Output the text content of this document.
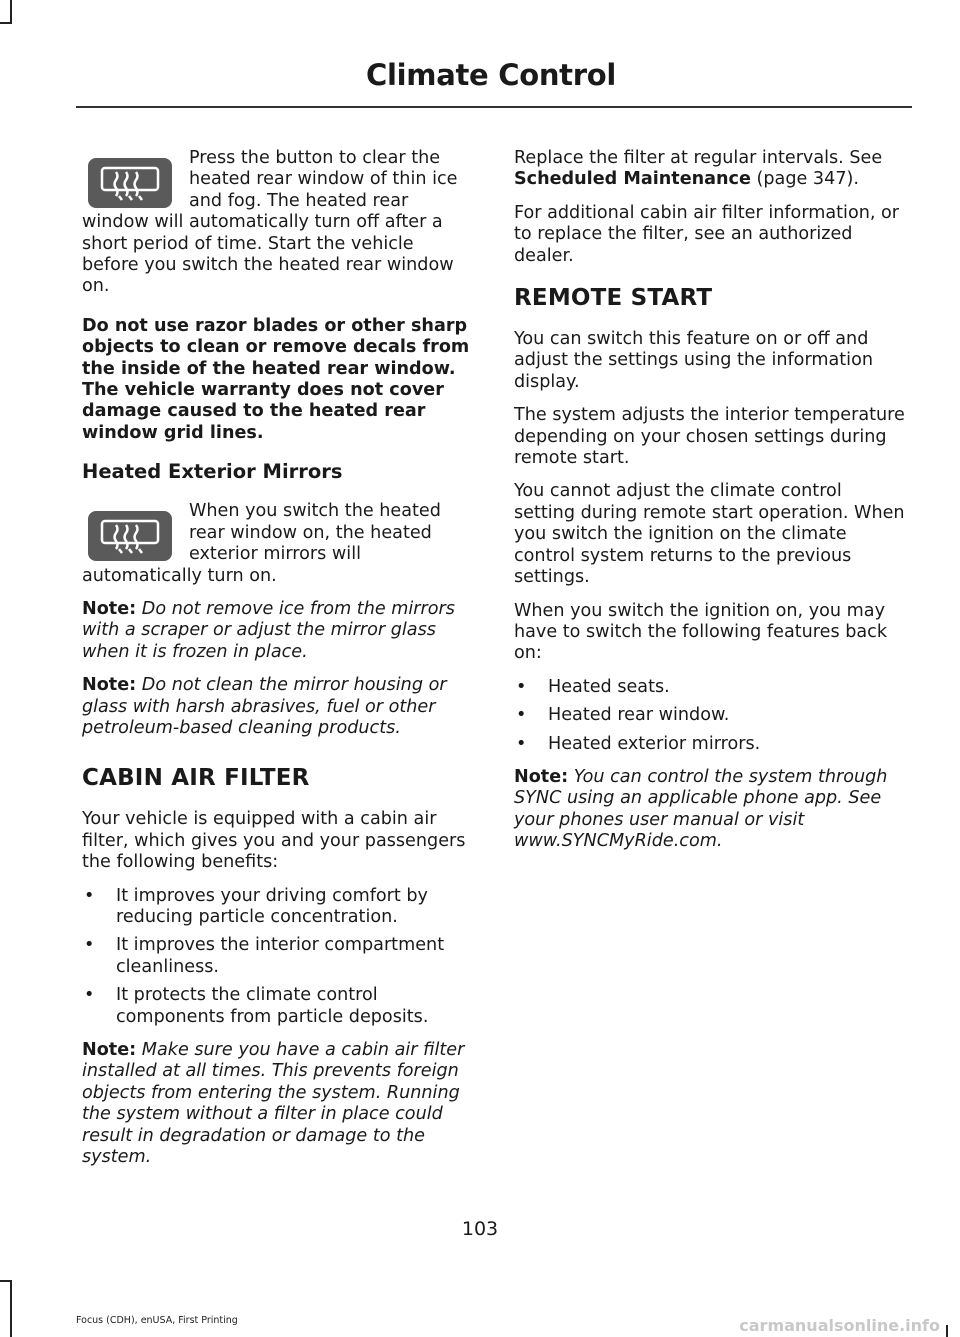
Climate Control

Press the button to clear the heated rear window of thin ice and fog. The heated rear window will automatically turn off after a short period of time. Start the vehicle before you switch the heated rear window on.

Do not use razor blades or other sharp objects to clean or remove decals from the inside of the heated rear window. The vehicle warranty does not cover damage caused to the heated rear window grid lines.

Heated Exterior Mirrors

When you switch the heated rear window on, the heated exterior mirrors will automatically turn on.

Note: Do not remove ice from the mirrors with a scraper or adjust the mirror glass when it is frozen in place.

Note: Do not clean the mirror housing or glass with harsh abrasives, fuel or other petroleum-based cleaning products.

CABIN AIR FILTER

Your vehicle is equipped with a cabin air filter, which gives you and your passengers the following benefits:

• It improves your driving comfort by reducing particle concentration.
• It improves the interior compartment cleanliness.
• It protects the climate control components from particle deposits.

Note: Make sure you have a cabin air filter installed at all times. This prevents foreign objects from entering the system. Running the system without a filter in place could result in degradation or damage to the system.

Replace the filter at regular intervals. See Scheduled Maintenance (page 347).

For additional cabin air filter information, or to replace the filter, see an authorized dealer.

REMOTE START

You can switch this feature on or off and adjust the settings using the information display.

The system adjusts the interior temperature depending on your chosen settings during remote start.

You cannot adjust the climate control setting during remote start operation. When you switch the ignition on the climate control system returns to the previous settings.

When you switch the ignition on, you may have to switch the following features back on:

• Heated seats.
• Heated rear window.
• Heated exterior mirrors.

Note: You can control the system through SYNC using an applicable phone app. See your phones user manual or visit www.SYNCMyRide.com.

103
Focus (CDH), enUSA, First Printing	carmanualsonline.info
